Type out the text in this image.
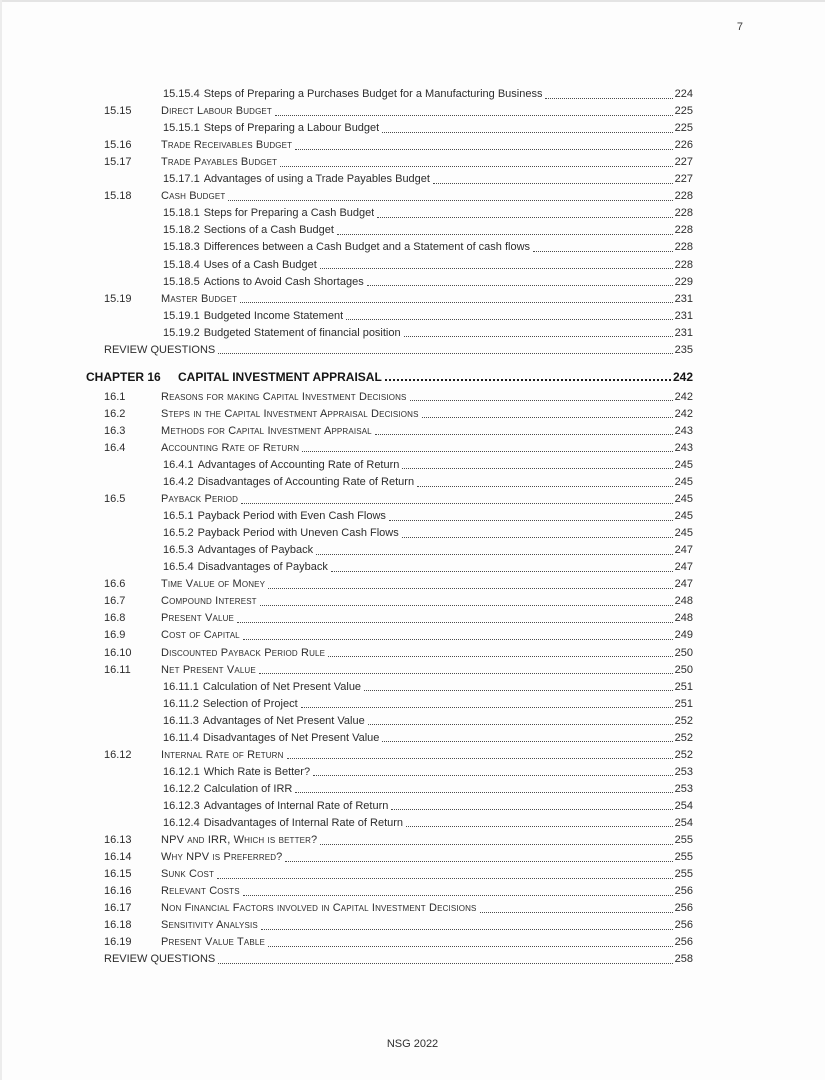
7
15.15.4 Steps of Preparing a Purchases Budget for a Manufacturing Business	224
15.15	Direct Labour Budget	225
15.15.1 Steps of Preparing a Labour Budget	225
15.16	Trade Receivables Budget	226
15.17	Trade Payables Budget	227
15.17.1 Advantages of using a Trade Payables Budget	227
15.18	Cash Budget	228
15.18.1 Steps for Preparing a Cash Budget	228
15.18.2 Sections of a Cash Budget	228
15.18.3 Differences between a Cash Budget and a Statement of cash flows	228
15.18.4 Uses of a Cash Budget	228
15.18.5 Actions to Avoid Cash Shortages	229
15.19	Master Budget	231
15.19.1 Budgeted Income Statement	231
15.19.2 Budgeted Statement of financial position	231
REVIEW QUESTIONS	235
CHAPTER 16	CAPITAL INVESTMENT APPRAISAL	242
16.1	Reasons for making Capital Investment Decisions	242
16.2	Steps in the Capital Investment Appraisal Decisions	242
16.3	Methods for Capital Investment Appraisal	243
16.4	Accounting Rate of Return	243
16.4.1 Advantages of Accounting Rate of Return	245
16.4.2 Disadvantages of Accounting Rate of Return	245
16.5	Payback Period	245
16.5.1 Payback Period with Even Cash Flows	245
16.5.2 Payback Period with Uneven Cash Flows	245
16.5.3 Advantages of Payback	247
16.5.4 Disadvantages of Payback	247
16.6	Time Value of Money	247
16.7	Compound Interest	248
16.8	Present Value	248
16.9	Cost of Capital	249
16.10	Discounted Payback Period Rule	250
16.11	Net Present Value	250
16.11.1 Calculation of Net Present Value	251
16.11.2 Selection of Project	251
16.11.3 Advantages of Net Present Value	252
16.11.4 Disadvantages of Net Present Value	252
16.12	Internal Rate of Return	252
16.12.1 Which Rate is Better?	253
16.12.2 Calculation of IRR	253
16.12.3 Advantages of Internal Rate of Return	254
16.12.4 Disadvantages of Internal Rate of Return	254
16.13	NPV and IRR, Which is better?	255
16.14	Why NPV is Preferred?	255
16.15	Sunk Cost	255
16.16	Relevant Costs	256
16.17	Non Financial Factors involved in Capital Investment Decisions	256
16.18	Sensitivity Analysis	256
16.19	Present Value Table	256
REVIEW QUESTIONS	258
NSG 2022
